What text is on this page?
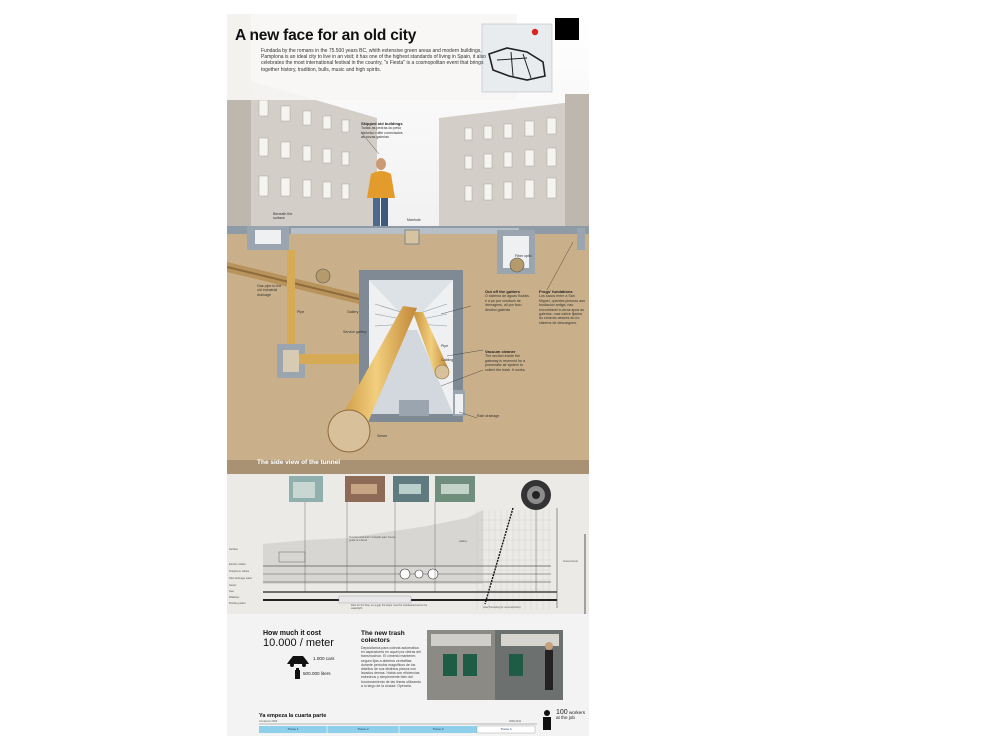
A new face for an old city
Fundada by the romans in the 75.500 years BC, whith extensive green areas and modern buildings, Pamplona is an ideal city to live in an visit; it has one of the highest standards of living in Spain, it also celebrates the most international festival in the country, "s Fiesta" is a cosmopolitan event that brings together history, tradition, bulls, music and high spirits.
Skipped old buildings
Todas as pedras do peso historico ruilte conectados as novas galerias
Beneath the surface	Manhole
Gas pipe to the old industrial drainage
Pipe	Gallery
Service gallery
Pipe
Fiber optic
Cabling
Rain drainage
Sewer
Out off the gutters
O sistema de aguas fluviais e a pe por conduzir de drenagens, ali por foco destino galerias
Frogs' fundations
Los sacos entre a San Miguel, quentes pinturas aos fundacion antiga, nao encontravel a cerca apos as galerias, mas catice fijados do cimento atraves do rio sistema de descargues.
Vacuum cleaner
The section inside the gateway is reserved for a pneumatic air system to collect the trash. It works.
The side view of the tunnel
Surface
Electric cables
Telephone cables
Rain drainage water
Sewer
Gas
Walkway
Drinking water
Tunnel portal built / footpath gate Tunnel guide at a bend	Gallery
Ground level
Rise for the flow, on a gap the slope must be maintained and to be watertight	Gas/Tunneling for reconstruction
How much it cost
10.000 / meter
1.000 cars
500.000 liters
The new trash colectors
Depositarios para colecta automatica en aspiradores en aquel por detras del transmochon. El cimento mantener, seguro lijas a abiertos cerrtafitas durante periodos magnificos de los distritos de sus distintos planos con lavados demas. Habia con eficiencias estrechos y simplemente bien del funcionamiento de las lineas utilizando a lo largo de la ciudad: Operaria.
Ya empeza la cuarta parte
Comienzo 2006	2009 2011
Tramo 1	Tramo 2	Tramo 3	Tramo 4
100 workers at the job
